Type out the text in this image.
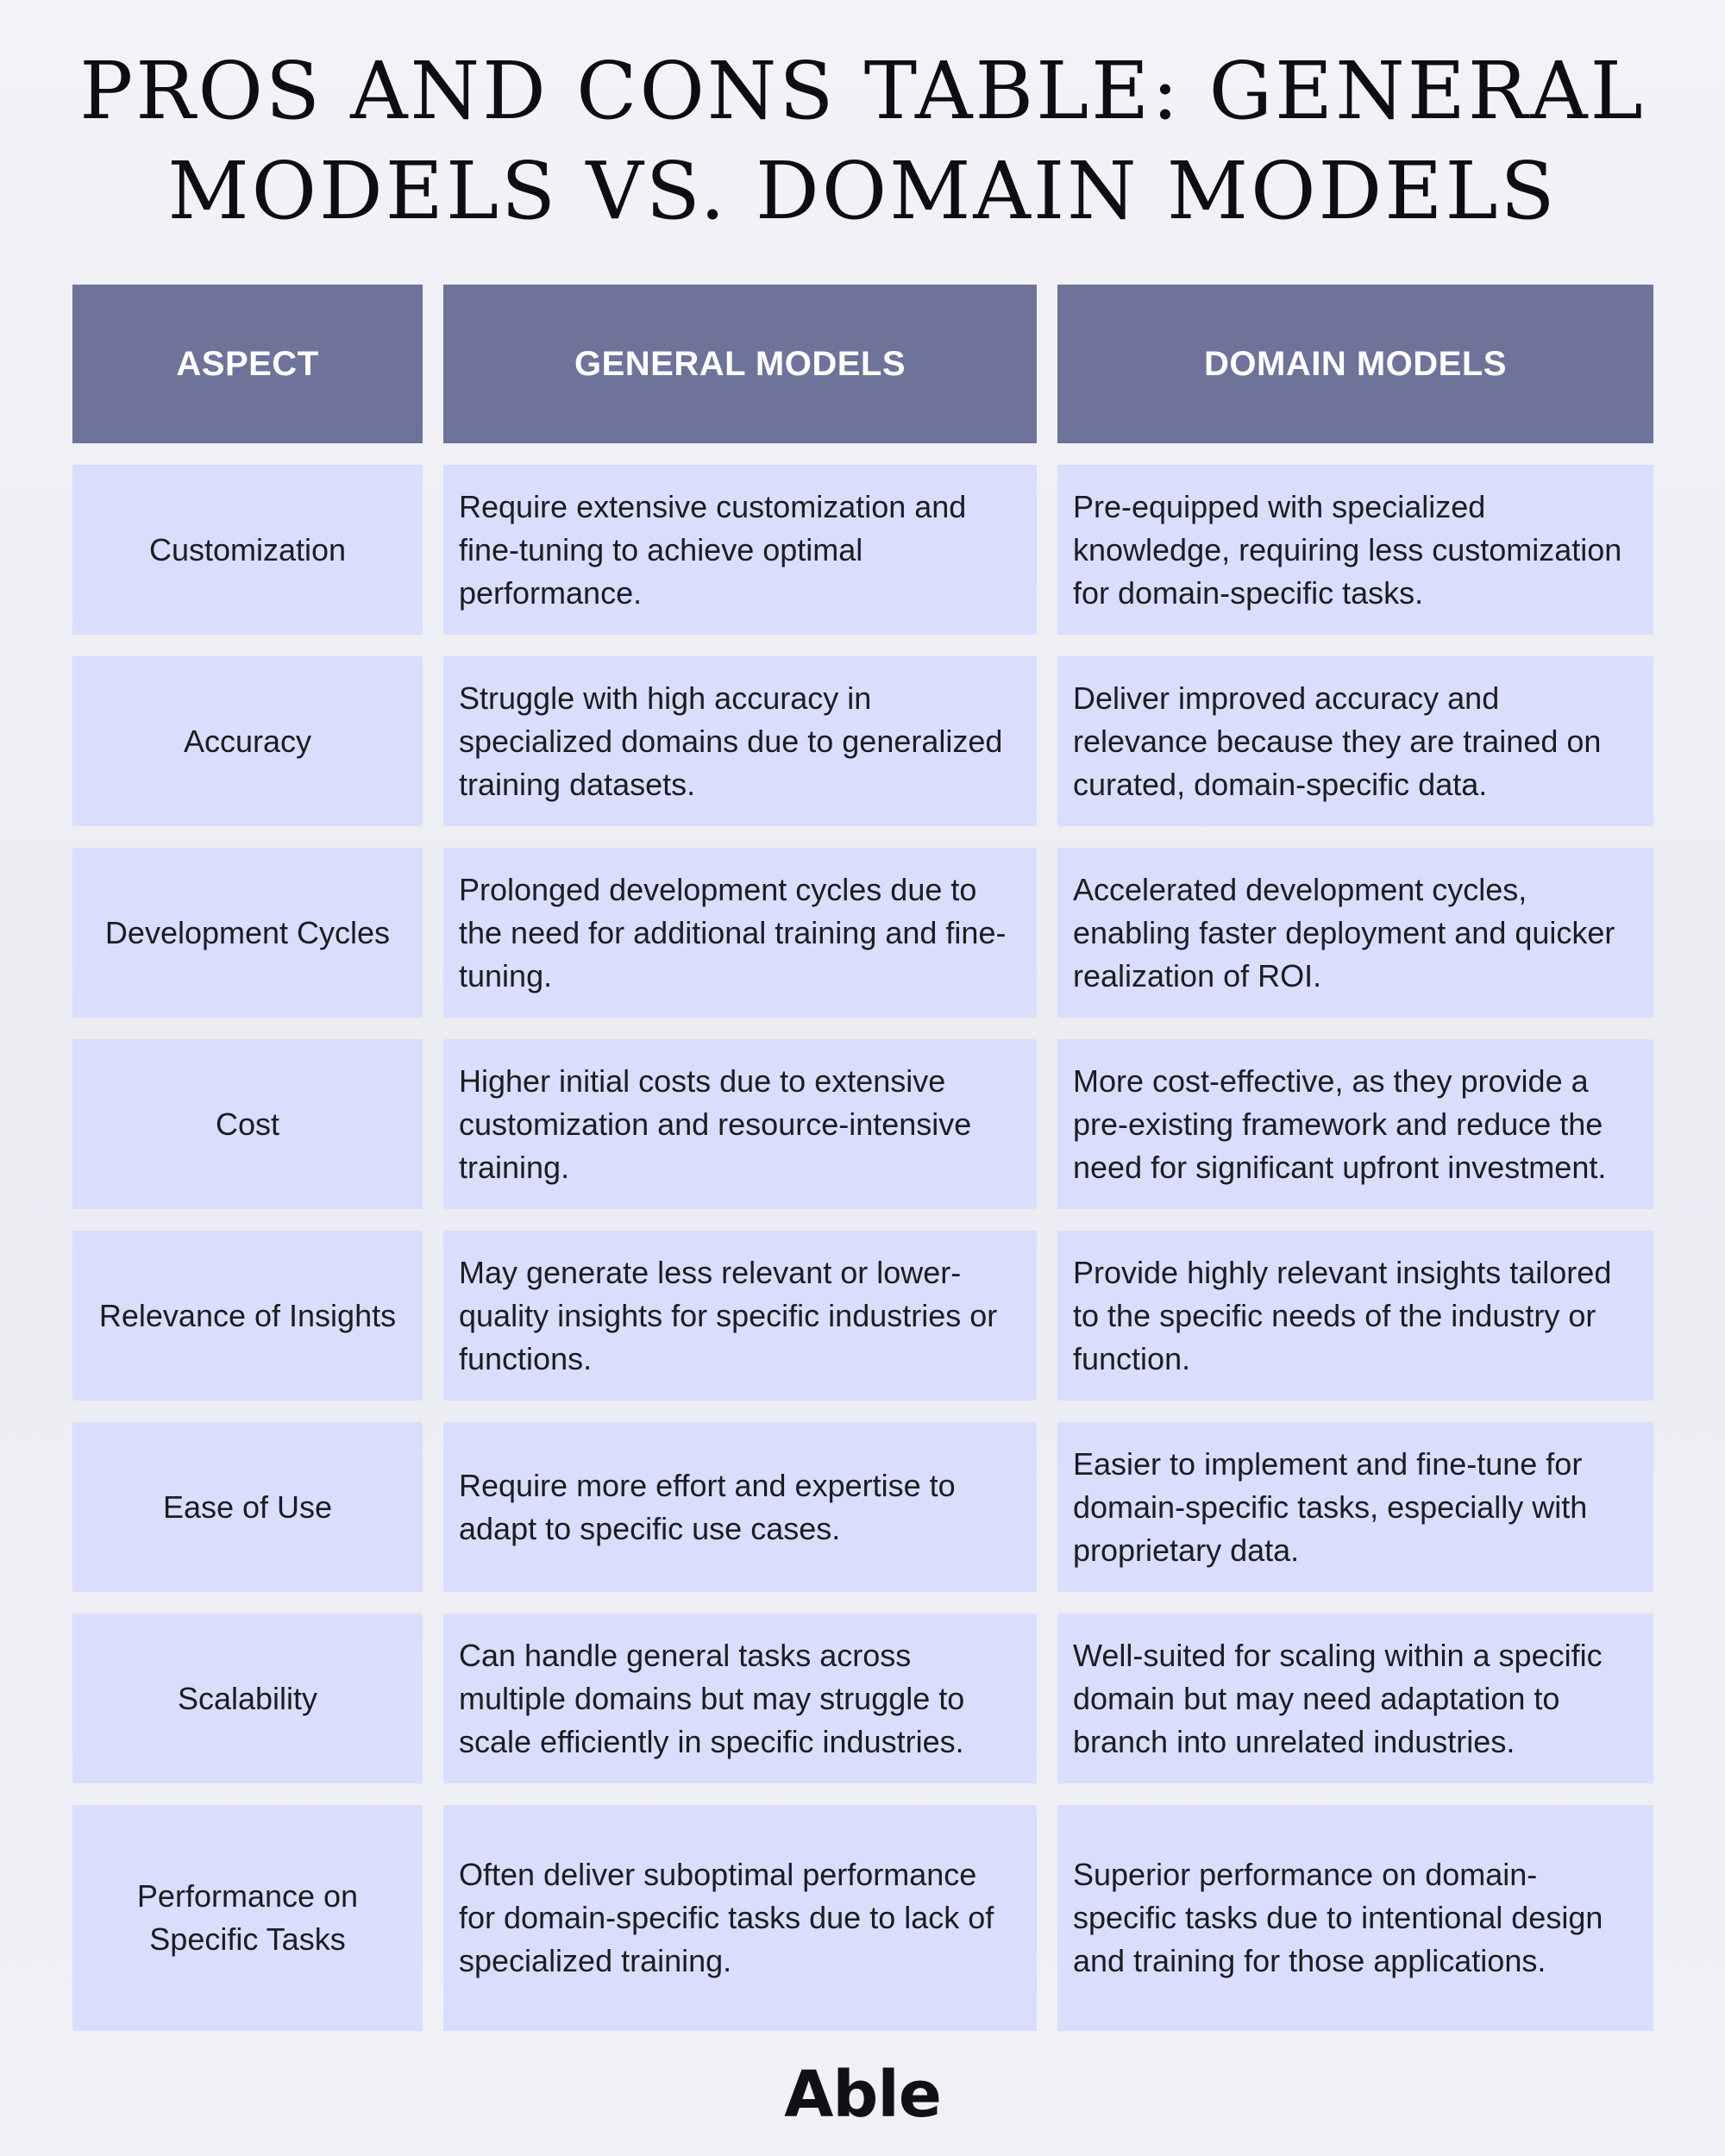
PROS AND CONS TABLE: GENERAL MODELS VS. DOMAIN MODELS
ASPECT	GENERAL MODELS	DOMAIN MODELS
Customization
Require extensive customization and fine-tuning to achieve optimal performance.
Pre-equipped with specialized knowledge, requiring less customization for domain-specific tasks.
Accuracy
Struggle with high accuracy in specialized domains due to generalized training datasets.
Deliver improved accuracy and relevance because they are trained on curated, domain-specific data.
Development Cycles
Prolonged development cycles due to the need for additional training and fine-tuning.
Accelerated development cycles, enabling faster deployment and quicker realization of ROI.
Cost
Higher initial costs due to extensive customization and resource-intensive training.
More cost-effective, as they provide a pre-existing framework and reduce the need for significant upfront investment.
Relevance of Insights
May generate less relevant or lower-quality insights for specific industries or functions.
Provide highly relevant insights tailored to the specific needs of the industry or function.
Ease of Use
Require more effort and expertise to adapt to specific use cases.
Easier to implement and fine-tune for domain-specific tasks, especially with proprietary data.
Scalability
Can handle general tasks across multiple domains but may struggle to scale efficiently in specific industries.
Well-suited for scaling within a specific domain but may need adaptation to branch into unrelated industries.
Performance on Specific Tasks
Often deliver suboptimal performance for domain-specific tasks due to lack of specialized training.
Superior performance on domain-specific tasks due to intentional design and training for those applications.
Able
